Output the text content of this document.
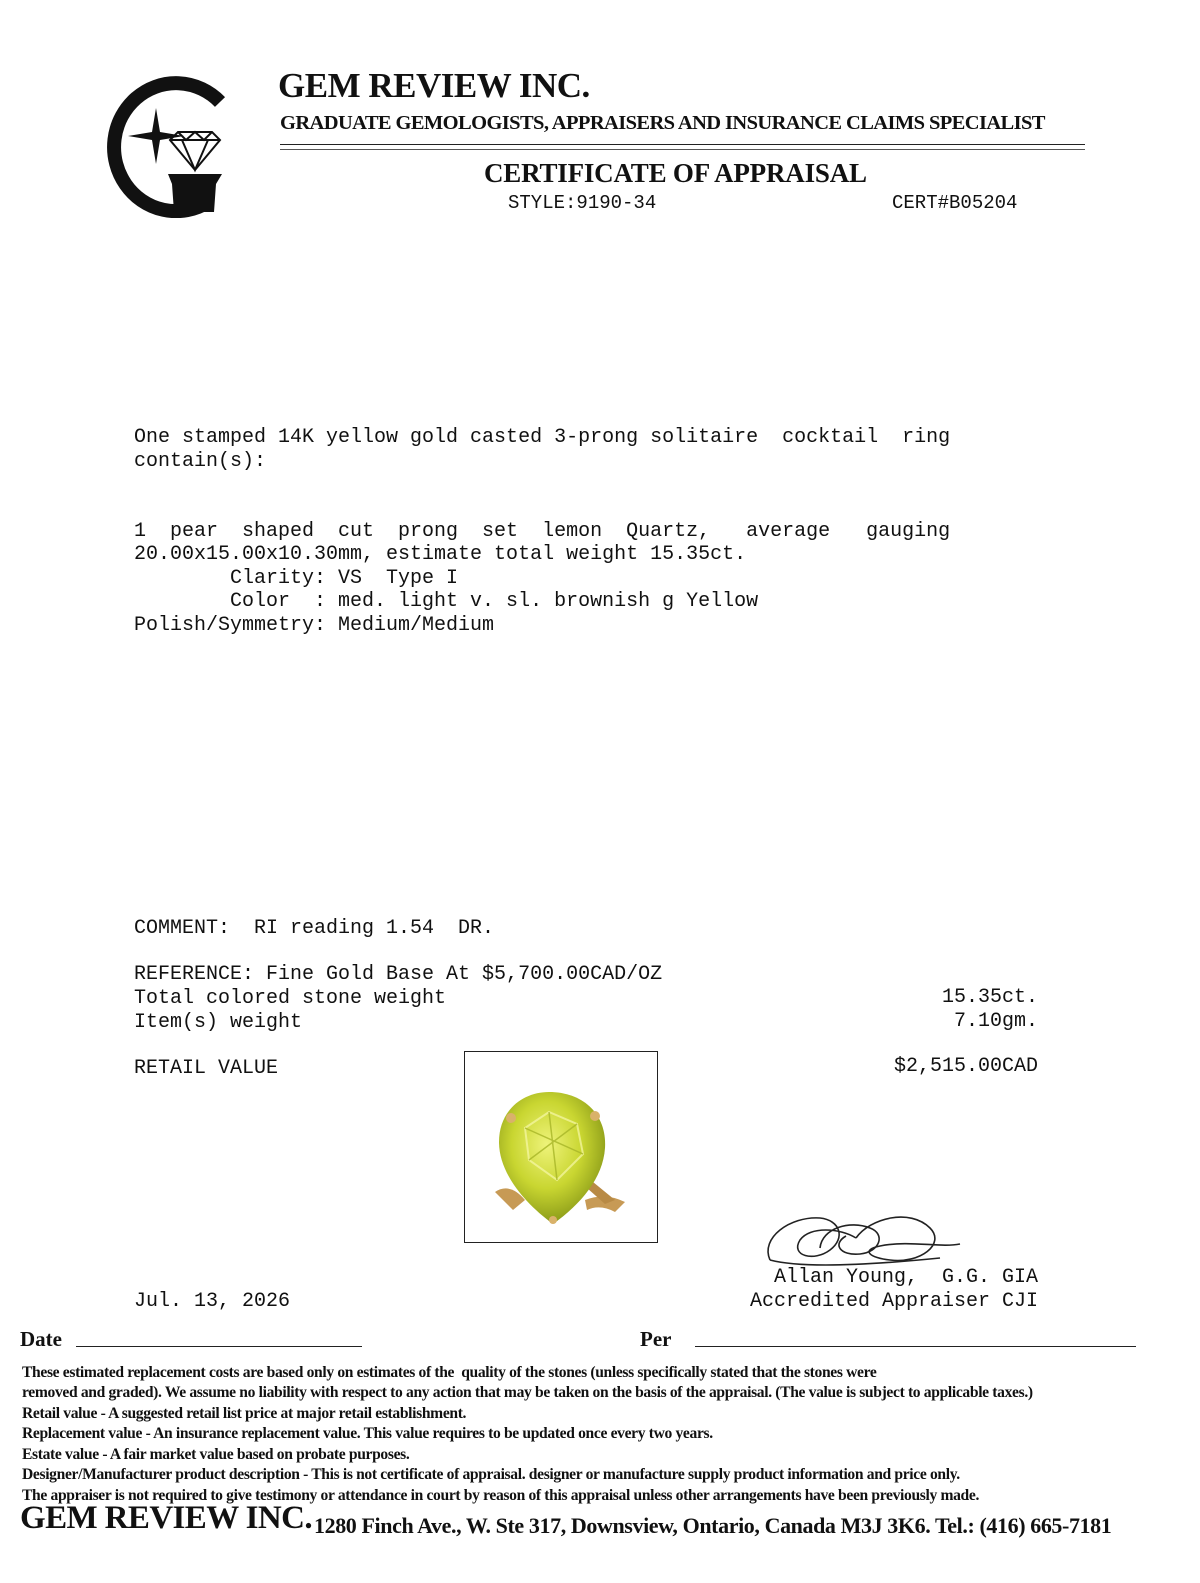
GEM REVIEW INC.
GRADUATE GEMOLOGISTS, APPRAISERS AND INSURANCE CLAIMS SPECIALIST
CERTIFICATE OF APPRAISAL
STYLE:9190-34	CERT#B05204
One stamped 14K yellow gold casted 3-prong solitaire  cocktail  ring
contain(s):
1  pear  shaped  cut  prong  set  lemon  Quartz,   average   gauging
20.00x15.00x10.30mm, estimate total weight 15.35ct.
Clarity: VS  Type I
Color  : med. light v. sl. brownish g Yellow
Polish/Symmetry: Medium/Medium
COMMENT:  RI reading 1.54  DR.
REFERENCE: Fine Gold Base At $5,700.00CAD/OZ
Total colored stone weight	15.35ct.
Item(s) weight	7.10gm.
RETAIL VALUE	$2,515.00CAD
Allan Young,  G.G. GIA
Accredited Appraiser CJI
Jul. 13, 2026
Date	Per
These estimated replacement costs are based only on estimates of the  quality of the stones (unless specifically stated that the stones were
removed and graded). We assume no liability with respect to any action that may be taken on the basis of the appraisal. (The value is subject to applicable taxes.)
Retail value - A suggested retail list price at major retail establishment.
Replacement value - An insurance replacement value. This value requires to be updated once every two years.
Estate value - A fair market value based on probate purposes.
Designer/Manufacturer product description - This is not certificate of appraisal. designer or manufacture supply product information and price only.
The appraiser is not required to give testimony or attendance in court by reason of this appraisal unless other arrangements have been previously made.
GEM REVIEW INC. 1280 Finch Ave., W. Ste 317, Downsview, Ontario, Canada M3J 3K6. Tel.: (416) 665-7181
